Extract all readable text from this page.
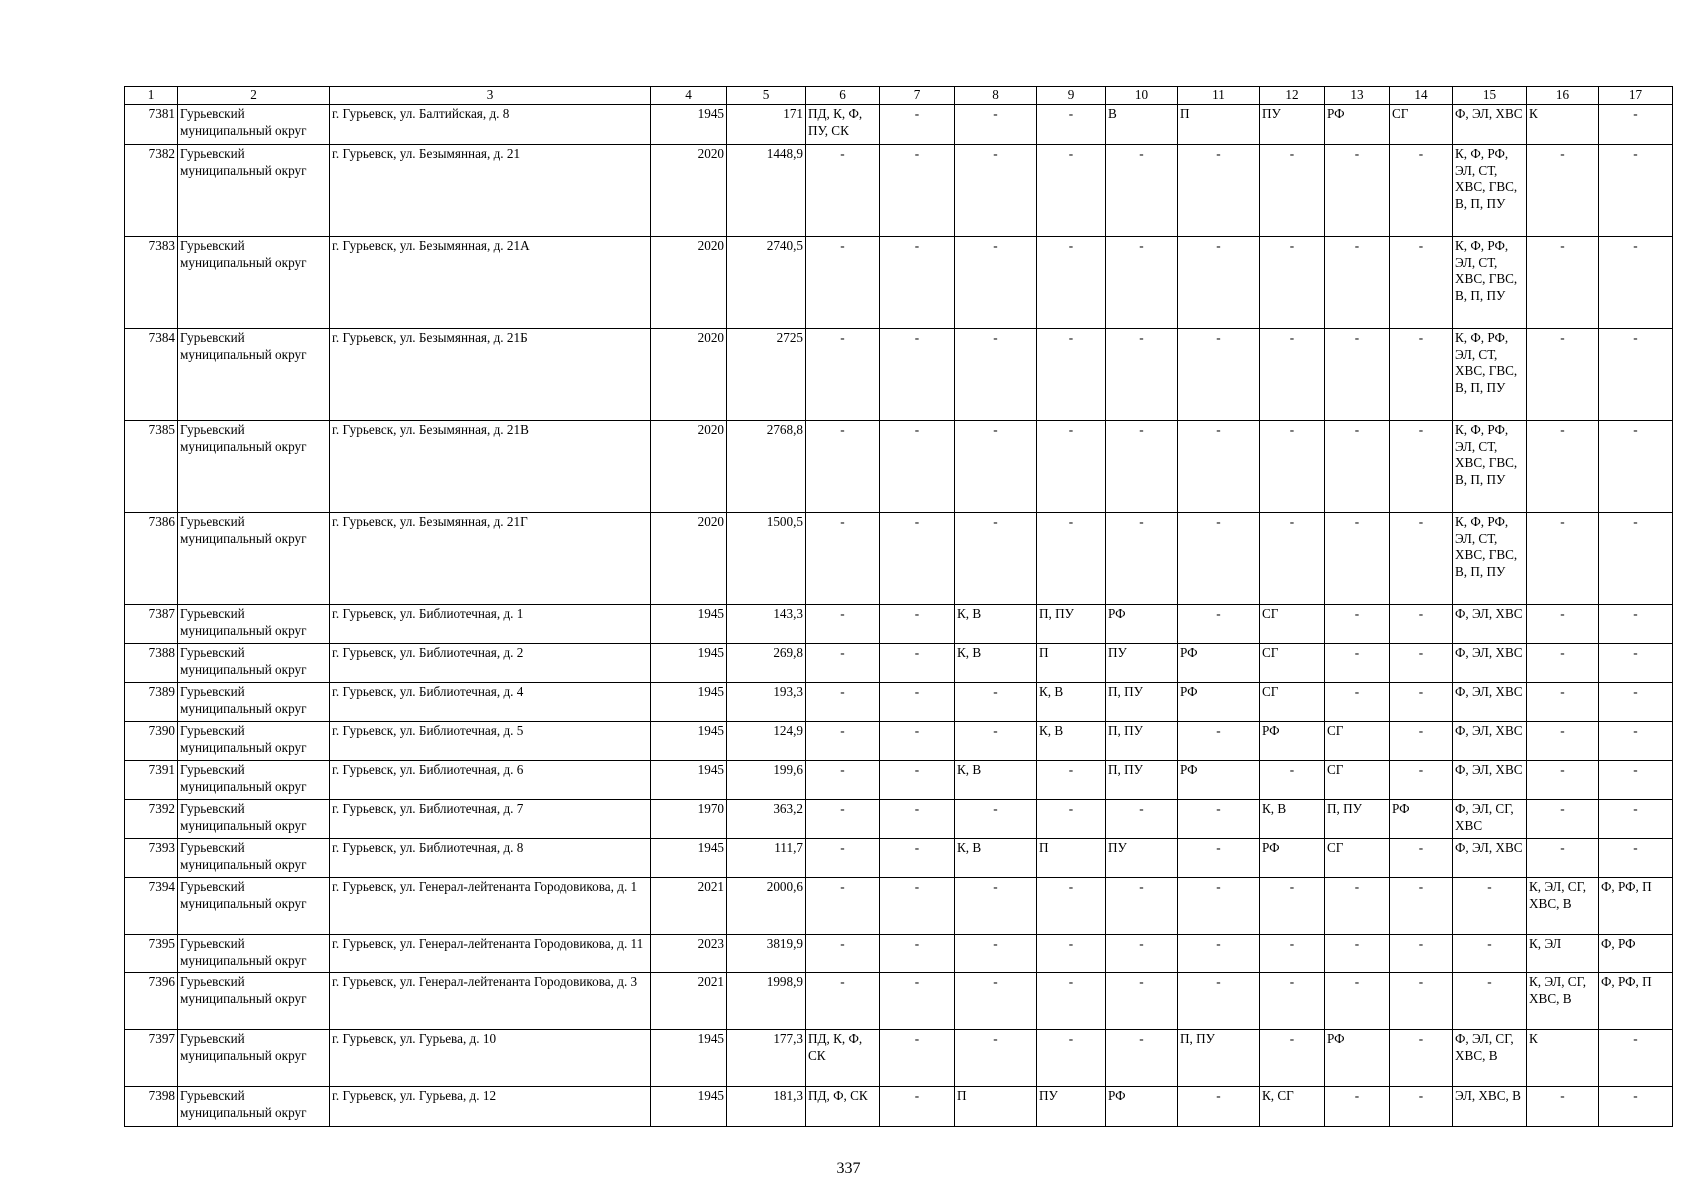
1	2	3	4	5	6	7	8	9	10	11	12	13	14	15	16	17
7381	Гурьевский муниципальный округ	г. Гурьевск, ул. Балтийская, д. 8	1945	171	ПД, К, Ф, ПУ, СК	-	-	-	В	П	ПУ	РФ	СГ	Ф, ЭЛ, ХВС	К	-
7382	Гурьевский муниципальный округ	г. Гурьевск, ул. Безымянная, д. 21	2020	1448,9	-	-	-	-	-	-	-	-	-	К, Ф, РФ, ЭЛ, СТ, ХВС, ГВС, В, П, ПУ	-	-
7383	Гурьевский муниципальный округ	г. Гурьевск, ул. Безымянная, д. 21А	2020	2740,5	-	-	-	-	-	-	-	-	-	К, Ф, РФ, ЭЛ, СТ, ХВС, ГВС, В, П, ПУ	-	-
7384	Гурьевский муниципальный округ	г. Гурьевск, ул. Безымянная, д. 21Б	2020	2725	-	-	-	-	-	-	-	-	-	К, Ф, РФ, ЭЛ, СТ, ХВС, ГВС, В, П, ПУ	-	-
7385	Гурьевский муниципальный округ	г. Гурьевск, ул. Безымянная, д. 21В	2020	2768,8	-	-	-	-	-	-	-	-	-	К, Ф, РФ, ЭЛ, СТ, ХВС, ГВС, В, П, ПУ	-	-
7386	Гурьевский муниципальный округ	г. Гурьевск, ул. Безымянная, д. 21Г	2020	1500,5	-	-	-	-	-	-	-	-	-	К, Ф, РФ, ЭЛ, СТ, ХВС, ГВС, В, П, ПУ	-	-
7387	Гурьевский муниципальный округ	г. Гурьевск, ул. Библиотечная, д. 1	1945	143,3	-	-	К, В	П, ПУ	РФ	-	СГ	-	-	Ф, ЭЛ, ХВС	-	-
7388	Гурьевский муниципальный округ	г. Гурьевск, ул. Библиотечная, д. 2	1945	269,8	-	-	К, В	П	ПУ	РФ	СГ	-	-	Ф, ЭЛ, ХВС	-	-
7389	Гурьевский муниципальный округ	г. Гурьевск, ул. Библиотечная, д. 4	1945	193,3	-	-	-	К, В	П, ПУ	РФ	СГ	-	-	Ф, ЭЛ, ХВС	-	-
7390	Гурьевский муниципальный округ	г. Гурьевск, ул. Библиотечная, д. 5	1945	124,9	-	-	-	К, В	П, ПУ	-	РФ	СГ	-	Ф, ЭЛ, ХВС	-	-
7391	Гурьевский муниципальный округ	г. Гурьевск, ул. Библиотечная, д. 6	1945	199,6	-	-	К, В	-	П, ПУ	РФ	-	СГ	-	Ф, ЭЛ, ХВС	-	-
7392	Гурьевский муниципальный округ	г. Гурьевск, ул. Библиотечная, д. 7	1970	363,2	-	-	-	-	-	-	К, В	П, ПУ	РФ	Ф, ЭЛ, СГ, ХВС	-	-
7393	Гурьевский муниципальный округ	г. Гурьевск, ул. Библиотечная, д. 8	1945	111,7	-	-	К, В	П	ПУ	-	РФ	СГ	-	Ф, ЭЛ, ХВС	-	-
7394	Гурьевский муниципальный округ	г. Гурьевск, ул. Генерал-лейтенанта Городовикова, д. 1	2021	2000,6	-	-	-	-	-	-	-	-	-	-	К, ЭЛ, СГ, ХВС, В	Ф, РФ, П
7395	Гурьевский муниципальный округ	г. Гурьевск, ул. Генерал-лейтенанта Городовикова, д. 11	2023	3819,9	-	-	-	-	-	-	-	-	-	-	К, ЭЛ	Ф, РФ
7396	Гурьевский муниципальный округ	г. Гурьевск, ул. Генерал-лейтенанта Городовикова, д. 3	2021	1998,9	-	-	-	-	-	-	-	-	-	-	К, ЭЛ, СГ, ХВС, В	Ф, РФ, П
7397	Гурьевский муниципальный округ	г. Гурьевск, ул. Гурьева, д. 10	1945	177,3	ПД, К, Ф, СК	-	-	-	-	П, ПУ	-	РФ	-	Ф, ЭЛ, СГ, ХВС, В	К	-
7398	Гурьевский муниципальный округ	г. Гурьевск, ул. Гурьева, д. 12	1945	181,3	ПД, Ф, СК	-	П	ПУ	РФ	-	К, СГ	-	-	ЭЛ, ХВС, В	-	-
337
